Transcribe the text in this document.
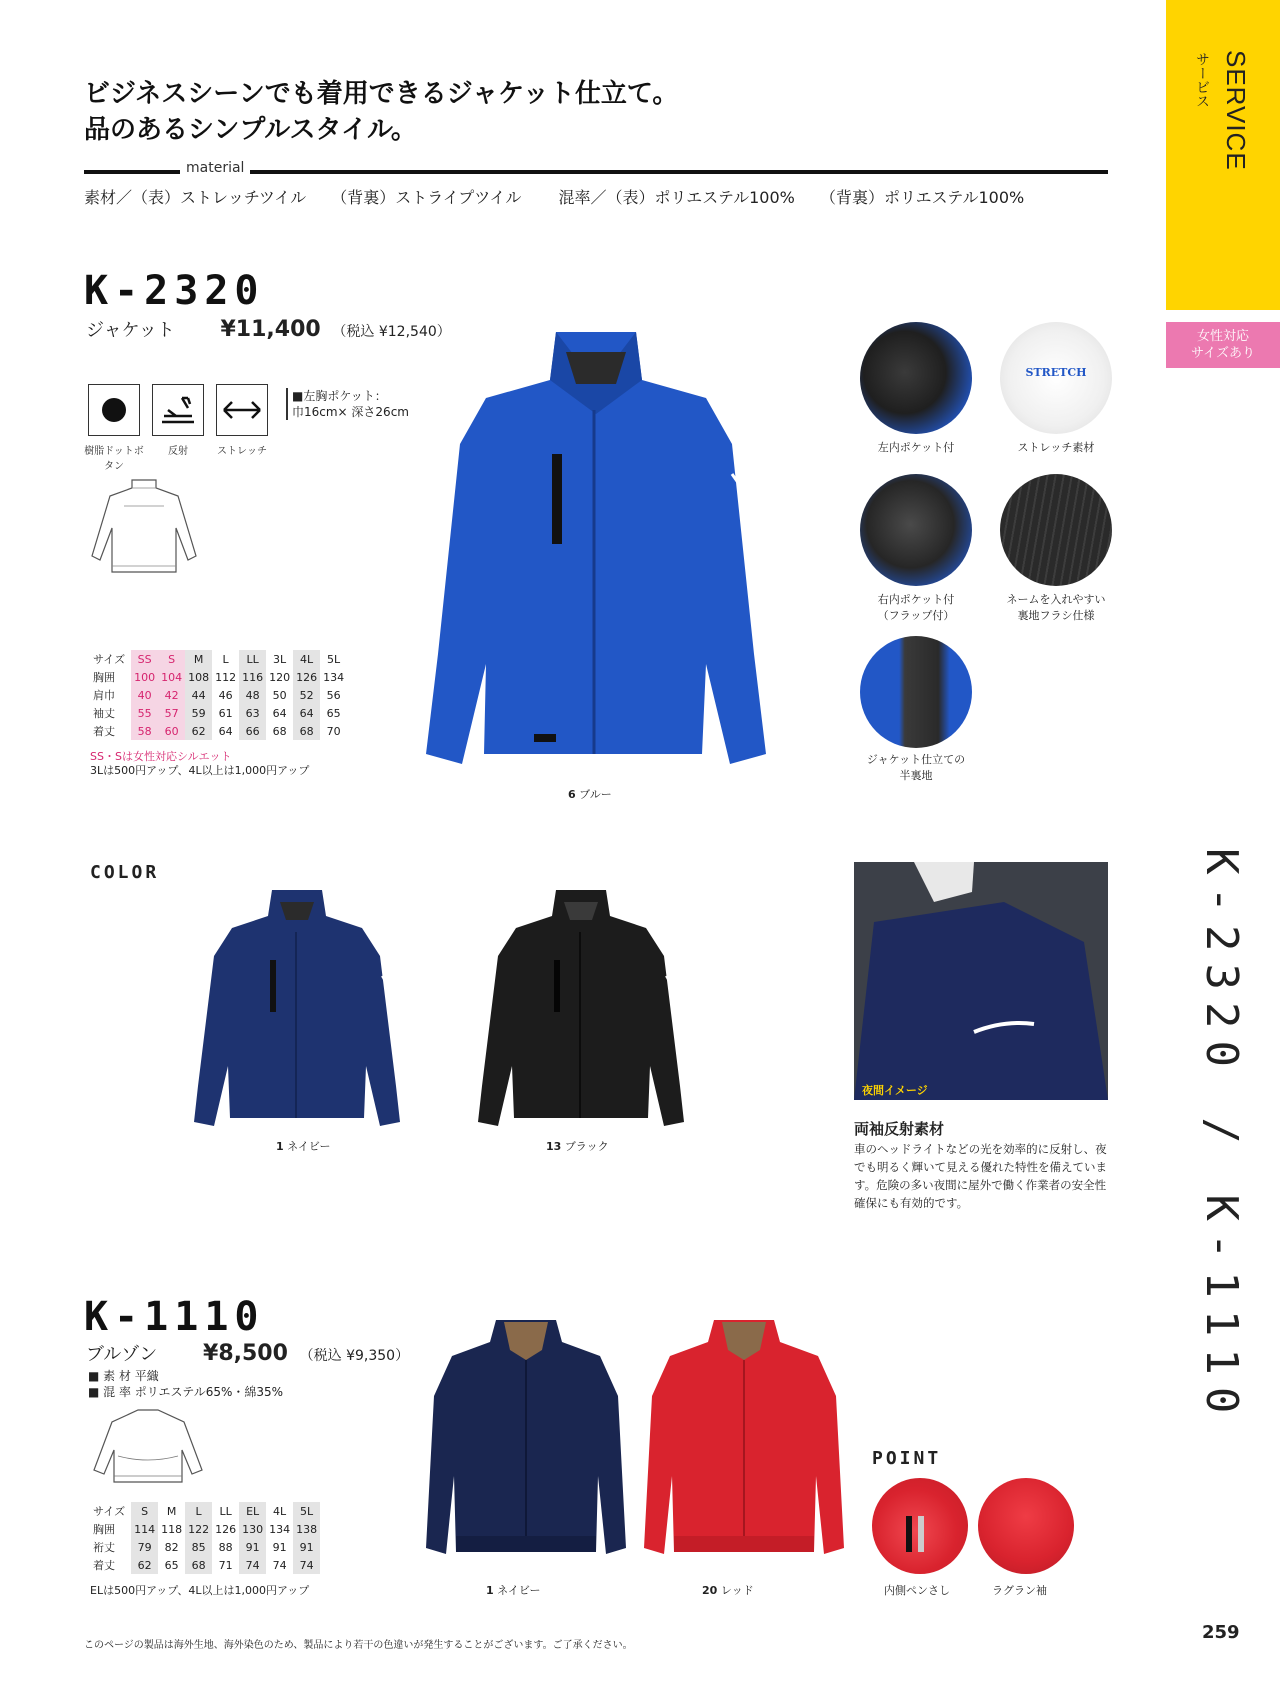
SERVICE
サービス
女性対応
サイズあり
K-2320 / K-1110
ビジネスシーンでも着用できるジャケット仕立て。
品のあるシンプルスタイル。
material
素材／（表）ストレッチツイル （背裏）ストライプツイル 混率／（表）ポリエステル100% （背裏）ポリエステル100%
K-2320
ジャケット ¥11,400 （税込 ¥12,540）
樹脂ドットボタン
反射	ストレッチ
■左胸ポケット：
巾16cm× 深さ26cm
サイズ	SS	S	M	L	LL	3L	4L	5L
胸囲	100	104	108	112	116	120	126	134
肩巾	40	42	44	46	48	50	52	56
袖丈	55	57	59	61	63	64	64	65
着丈	58	60	62	64	66	68	68	70
SS・Sは女性対応シルエット
3Lは500円アップ、4L以上は1,000円アップ
6 ブルー
左内ポケット付
STRETCH
ストレッチ素材
右内ポケット付
（フラップ付）
ネームを入れやすい
裏地フラシ仕様
ジャケット仕立ての
半裏地
COLOR
1 ネイビー	13 ブラック
夜間イメージ
両袖反射素材
車のヘッドライトなどの光を効率的に反射し、夜でも明るく輝いて見える優れた特性を備えています。危険の多い夜間に屋外で働く作業者の安全性確保にも有効的です。
K-1110
ブルゾン ¥8,500 （税込 ¥9,350）
■ 素 材 平織
■ 混 率 ポリエステル65%・綿35%
サイズ	S	M	L	LL	EL	4L	5L
胸囲	114	118	122	126	130	134	138
裄丈	79	82	85	88	91	91	91
着丈	62	65	68	71	74	74	74
ELは500円アップ、4L以上は1,000円アップ	1 ネイビー	20 レッド
POINT
内側ペンさし	ラグラン袖
このページの製品は海外生地、海外染色のため、製品により若干の色違いが発生することがございます。ご了承ください。
259
